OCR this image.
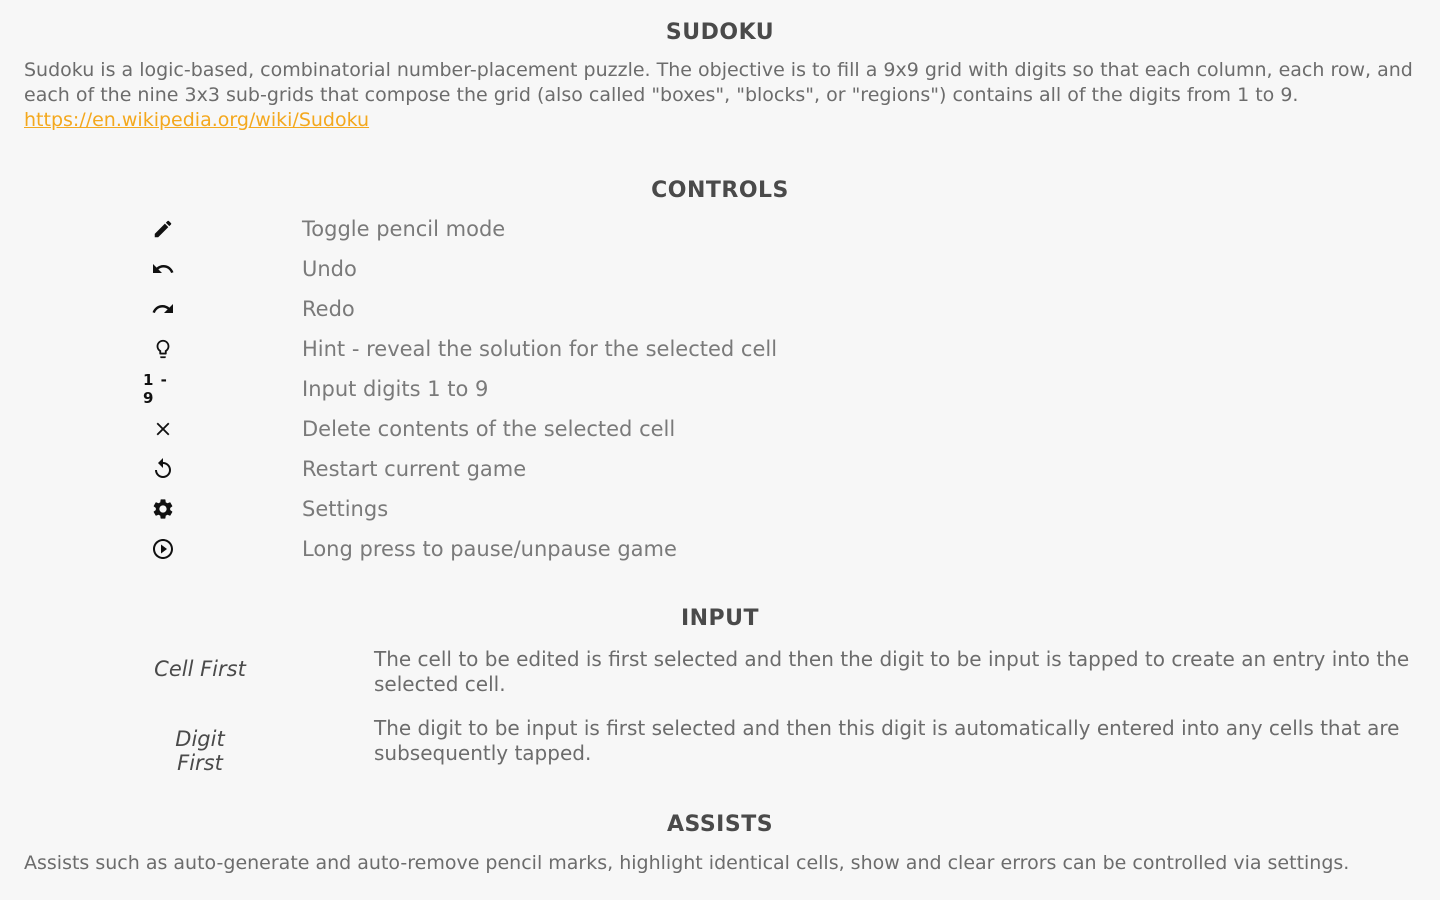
SUDOKU

Sudoku is a logic-based, combinatorial number-placement puzzle. The objective is to fill a 9x9 grid with digits so that each column, each row, and
each of the nine 3x3 sub-grids that compose the grid (also called "boxes", "blocks", or "regions") contains all of the digits from 1 to 9.

https://en.wikipedia.org/wiki/Sudoku
CONTROLS
Toggle pencil mode
Undo
Redo
Hint - reveal the solution for the selected cell
1 - 9	Input digits 1 to 9
Delete contents of the selected cell
Restart current game
Settings
Long press to pause/unpause game
INPUT
Cell First	The cell to be edited is first selected and then the digit to be input is tapped to create an entry into the
selected cell.
Digit First
The digit to be input is first selected and then this digit is automatically entered into any cells that are
subsequently tapped.
ASSISTS

Assists such as auto-generate and auto-remove pencil marks, highlight identical cells, show and clear errors can be controlled via settings.
